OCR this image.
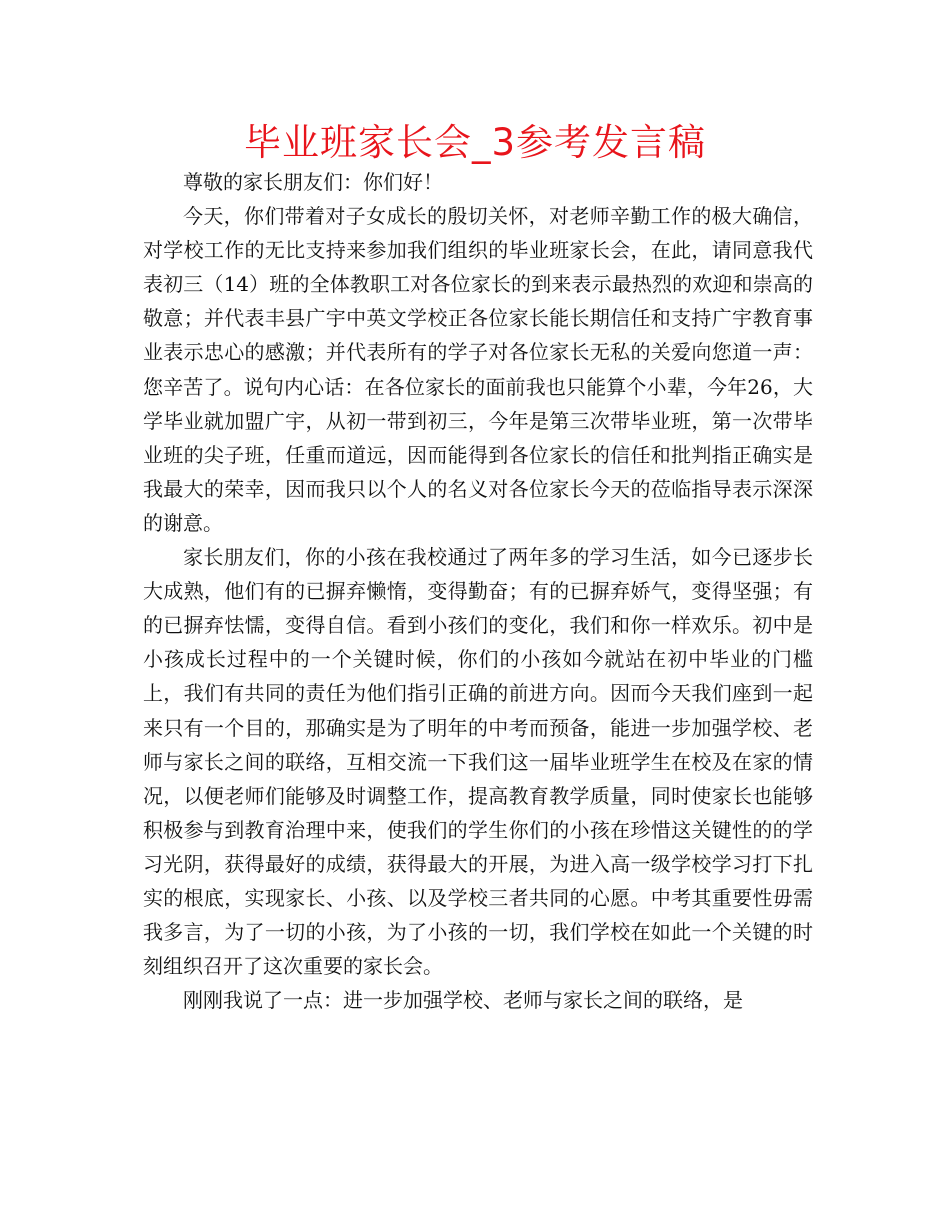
毕业班家长会_3参考发言稿

尊敬的家长朋友们：你们好！

今天，你们带着对子女成长的殷切关怀，对老师辛勤工作的极大确信，对学校工作的无比支持来参加我们组织的毕业班家长会，在此，请同意我代表初三（14）班的全体教职工对各位家长的到来表示最热烈的欢迎和崇高的敬意；并代表丰县广宇中英文学校正各位家长能长期信任和支持广宇教育事业表示忠心的感激；并代表所有的学子对各位家长无私的关爱向您道一声：您辛苦了。说句内心话：在各位家长的面前我也只能算个小辈，今年26，大学毕业就加盟广宇，从初一带到初三，今年是第三次带毕业班，第一次带毕业班的尖子班，任重而道远，因而能得到各位家长的信任和批判指正确实是我最大的荣幸，因而我只以个人的名义对各位家长今天的莅临指导表示深深的谢意。

家长朋友们，你的小孩在我校通过了两年多的学习生活，如今已逐步长大成熟，他们有的已摒弃懒惰，变得勤奋；有的已摒弃娇气，变得坚强；有的已摒弃怯懦，变得自信。看到小孩们的变化，我们和你一样欢乐。初中是小孩成长过程中的一个关键时候，你们的小孩如今就站在初中毕业的门槛上，我们有共同的责任为他们指引正确的前进方向。因而今天我们座到一起来只有一个目的，那确实是为了明年的中考而预备，能进一步加强学校、老师与家长之间的联络，互相交流一下我们这一届毕业班学生在校及在家的情况，以便老师们能够及时调整工作，提高教育教学质量，同时使家长也能够积极参与到教育治理中来，使我们的学生你们的小孩在珍惜这关键性的的学习光阴，获得最好的成绩，获得最大的开展，为进入高一级学校学习打下扎实的根底，实现家长、小孩、以及学校三者共同的心愿。中考其重要性毋需我多言，为了一切的小孩，为了小孩的一切，我们学校在如此一个关键的时刻组织召开了这次重要的家长会。

刚刚我说了一点：进一步加强学校、老师与家长之间的联络，是
